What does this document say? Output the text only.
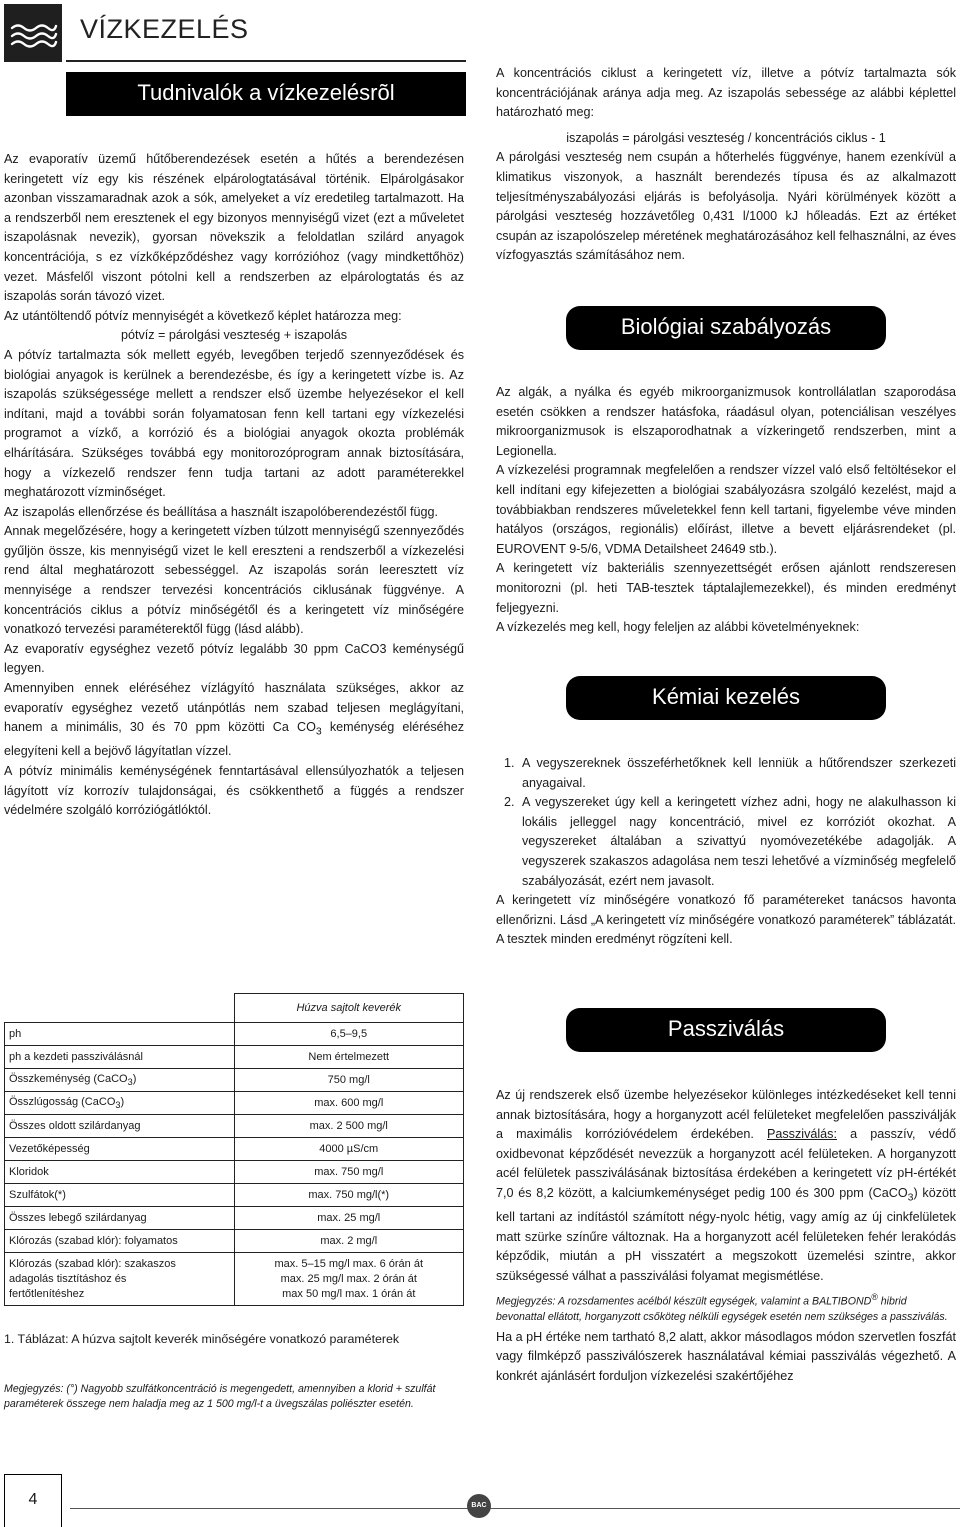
VÍZKEZELÉS
Tudnivalók a vízkezelésrõl

Az evaporatív üzemű hűtőberendezések esetén a hűtés a berendezésen keringetett víz egy kis részének elpárologtatásával történik. Elpárolgásakor azonban visszamaradnak azok a sók, amelyeket a víz eredetileg tartalmazott. Ha a rendszerből nem eresztenek el egy bizonyos mennyiségű vizet (ezt a műveletet iszapolásnak nevezik), gyorsan növekszik a feloldatlan szilárd anyagok koncentrációja, s ez vízkőképződéshez vagy korrózióhoz (vagy mindkettőhöz) vezet. Másfelől viszont pótolni kell a rendszerben az elpárologtatás és az iszapolás során távozó vizet.

Az utántöltendő pótvíz mennyiségét a következő képlet határozza meg:

pótvíz = párolgási veszteség + iszapolás

A pótvíz tartalmazta sók mellett egyéb, levegőben terjedő szennyeződések és biológiai anyagok is kerülnek a berendezésbe, és így a keringetett vízbe is. Az iszapolás szükségessége mellett a rendszer első üzembe helyezésekor el kell indítani, majd a további során folyamatosan fenn kell tartani egy vízkezelési programot a vízkő, a korrózió és a biológiai anyagok okozta problémák elhárítására. Szükséges továbbá egy monitorozóprogram annak biztosítására, hogy a vízkezelő rendszer fenn tudja tartani az adott paraméterekkel meghatározott vízminőséget.

Az iszapolás ellenőrzése és beállítása a használt iszapolóberendezéstől függ.

Annak megelőzésére, hogy a keringetett vízben túlzott mennyiségű szennyeződés gyűljön össze, kis mennyiségű vizet le kell ereszteni a rendszerből a vízkezelési rend által meghatározott sebességgel. Az iszapolás során leeresztett víz mennyisége a rendszer tervezési koncentrációs ciklusának függvénye. A koncentrációs ciklus a pótvíz minőségétől és a keringetett víz minőségére vonatkozó tervezési paraméterektől függ (lásd alább).

Az evaporatív egységhez vezető pótvíz legalább 30 ppm CaCO3 keménységű legyen.

Amennyiben ennek eléréséhez vízlágyító használata szükséges, akkor az evaporatív egységhez vezető utánpótlás nem szabad teljesen meglágyítani, hanem a minimális, 30 és 70 ppm közötti Ca $CO_3$ keménység eléréséhez elegyíteni kell a bejövő lágyítatlan vízzel.

A pótvíz minimális keménységének fenntartásával ellensúlyozhatók a teljesen lágyított víz korrozív tulajdonságai, és csökkenthető a függés a rendszer védelmére szolgáló korróziógátlóktól.

	Húzva sajtolt keverék
ph	6,5–9,5
ph a kezdeti passziválásnál	Nem értelmezett
Összkeménység (CaCO$_3$)	750 mg/l
Összlúgosság (CaCO$_3$)	max. 600 mg/l
Összes oldott szilárdanyag	max. 2 500 mg/l
Vezetőképesség	4000 µS/cm
Kloridok	max. 750 mg/l
Szulfátok(*)	max. 750 mg/l(*)
Összes lebegő szilárdanyag	max. 25 mg/l
Klórozás (szabad klór): folyamatos	max. 2 mg/l
Klórozás (szabad klór): szakaszos
adagolás tisztításhoz és
fertőtlenítéshez	max. 5–15 mg/l max. 6 órán át
max. 25 mg/l max. 2 órán át
max 50 mg/l max. 1 órán át
1. Táblázat: A húzva sajtolt keverék minőségére vonatkozó paraméterek
Megjegyzés: (°) Nagyobb szulfátkoncentráció is megengedett, amennyiben a klorid + szulfát paraméterek összege nem haladja meg az 1 500 mg/l-t a üvegszálas poliészter esetén.

A koncentrációs ciklust a keringetett víz, illetve a pótvíz tartalmazta sók koncentrációjának aránya adja meg. Az iszapolás sebessége az alábbi képlettel határozható meg:

iszapolás = párolgási veszteség / koncentrációs ciklus - 1

A párolgási veszteség nem csupán a hőterhelés függvénye, hanem ezenkívül a klimatikus viszonyok, a használt berendezés típusa és az alkalmazott teljesítményszabályozási eljárás is befolyásolja. Nyári körülmények között a párolgási veszteség hozzávetőleg 0,431 l/1000 kJ hőleadás. Ezt az értéket csupán az iszapolószelep méretének meghatározásához kell felhasználni, az éves vízfogyasztás számításához nem.

Biológiai szabályozás

Az algák, a nyálka és egyéb mikroorganizmusok kontrollálatlan szaporodása esetén csökken a rendszer hatásfoka, ráadásul olyan, potenciálisan veszélyes mikroorganizmusok is elszaporodhatnak a vízkeringető rendszerben, mint a Legionella.

A vízkezelési programnak megfelelően a rendszer vízzel való első feltöltésekor el kell indítani egy kifejezetten a biológiai szabályozásra szolgáló kezelést, majd a továbbiakban rendszeres műveletekkel fenn kell tartani, figyelembe véve minden hatályos (országos, regionális) előírást, illetve a bevett eljárásrendeket (pl. EUROVENT 9-5/6, VDMA Detailsheet 24649 stb.).

A keringetett víz bakteriális szennyezettségét erősen ajánlott rendszeresen monitorozni (pl. heti TAB-tesztek táptalajlemezekkel), és minden eredményt feljegyezni.

A vízkezelés meg kell, hogy feleljen az alábbi követelményeknek:

Kémiai kezelés
1. A vegyszereknek összeférhetőknek kell lenniük a hűtőrendszer szerkezeti anyagaival.
2. A vegyszereket úgy kell a keringetett vízhez adni, hogy ne alakulhasson ki lokális jelleggel nagy koncentráció, mivel ez korróziót okozhat. A vegyszereket általában a szivattyú nyomóvezetékébe adagolják. A vegyszerek szakaszos adagolása nem teszi lehetővé a vízminőség megfelelő szabályozását, ezért nem javasolt.

A keringetett víz minőségére vonatkozó fő paramétereket tanácsos havonta ellenőrizni. Lásd „A keringetett víz minőségére vonatkozó paraméterek” táblázatát. A tesztek minden eredményt rögzíteni kell.

Passziválás

Az új rendszerek első üzembe helyezésekor különleges intézkedéseket kell tenni annak biztosítására, hogy a horganyzott acél felületeket megfelelően passziválják a maximális korrózióvédelem érdekében. Passziválás: a passzív, védő oxidbevonat képződését nevezzük a horganyzott acél felületeken. A horganyzott acél felületek passziválásának biztosítása érdekében a keringetett víz pH-értékét 7,0 és 8,2 között, a kalciumkeménységet pedig 100 és 300 ppm (CaCO$_3$) között kell tartani az indítástól számított négy-nyolc hétig, vagy amíg az új cinkfelületek matt szürke színűre változnak. Ha a horganyzott acél felületeken fehér lerakódás képződik, miután a pH visszatért a megszokott üzemelési szintre, akkor szükségessé válhat a passziválási folyamat megismétlése.

Megjegyzés: A rozsdamentes acélból készült egységek, valamint a BALTIBOND® hibrid bevonattal ellátott, horganyzott csőköteg nélküli egységek esetén nem szükséges a passziválás.

Ha a pH értéke nem tartható 8,2 alatt, akkor másodlagos módon szervetlen foszfát vagy filmképző passziválószerek használatával kémiai passziválás végezhető. A konkrét ajánlásért forduljon vízkezelési szakértőjéhez

4	BAC
